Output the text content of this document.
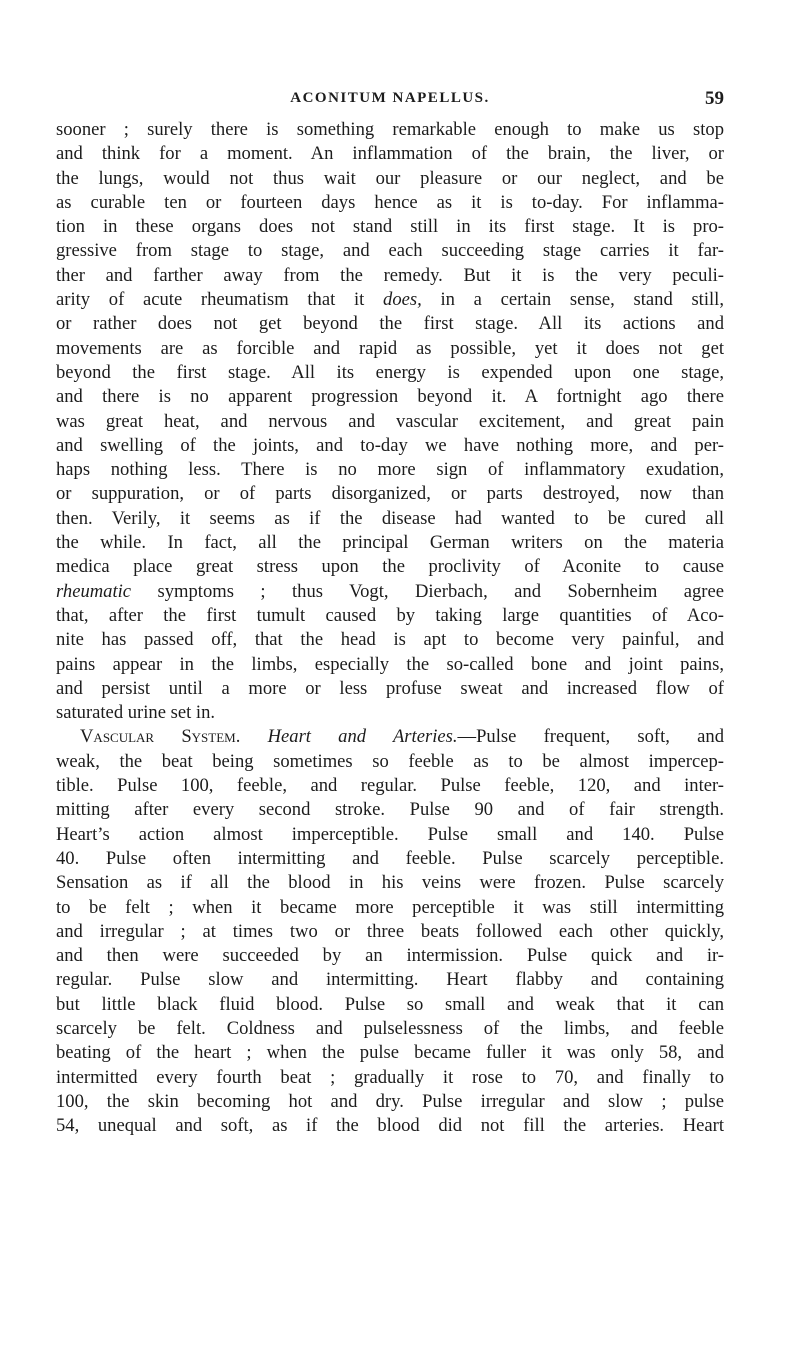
ACONITUM NAPELLUS.	59
sooner ; surely there is something remarkable enough to make us stop
and think for a moment. An inflammation of the brain, the liver, or
the lungs, would not thus wait our pleasure or our neglect, and be
as curable ten or fourteen days hence as it is to-day. For inflamma-
tion in these organs does not stand still in its first stage. It is pro-
gressive from stage to stage, and each succeeding stage carries it far-
ther and farther away from the remedy. But it is the very peculi-
arity of acute rheumatism that it does, in a certain sense, stand still,
or rather does not get beyond the first stage. All its actions and
movements are as forcible and rapid as possible, yet it does not get
beyond the first stage. All its energy is expended upon one stage,
and there is no apparent progression beyond it. A fortnight ago there
was great heat, and nervous and vascular excitement, and great pain
and swelling of the joints, and to-day we have nothing more, and per-
haps nothing less. There is no more sign of inflammatory exudation,
or suppuration, or of parts disorganized, or parts destroyed, now than
then. Verily, it seems as if the disease had wanted to be cured all
the while. In fact, all the principal German writers on the materia
medica place great stress upon the proclivity of Aconite to cause
rheumatic symptoms ; thus Vogt, Dierbach, and Sobernheim agree
that, after the first tumult caused by taking large quantities of Aco-
nite has passed off, that the head is apt to become very painful, and
pains appear in the limbs, especially the so-called bone and joint pains,
and persist until a more or less profuse sweat and increased flow of
saturated urine set in.
Vascular System. Heart and Arteries.—Pulse frequent, soft, and
weak, the beat being sometimes so feeble as to be almost impercep-
tible. Pulse 100, feeble, and regular. Pulse feeble, 120, and inter-
mitting after every second stroke. Pulse 90 and of fair strength.
Heart’s action almost imperceptible. Pulse small and 140. Pulse
40. Pulse often intermitting and feeble. Pulse scarcely perceptible.
Sensation as if all the blood in his veins were frozen. Pulse scarcely
to be felt ; when it became more perceptible it was still intermitting
and irregular ; at times two or three beats followed each other quickly,
and then were succeeded by an intermission. Pulse quick and ir-
regular. Pulse slow and intermitting. Heart flabby and containing
but little black fluid blood. Pulse so small and weak that it can
scarcely be felt. Coldness and pulselessness of the limbs, and feeble
beating of the heart ; when the pulse became fuller it was only 58, and
intermitted every fourth beat ; gradually it rose to 70, and finally to
100, the skin becoming hot and dry. Pulse irregular and slow ; pulse
54, unequal and soft, as if the blood did not fill the arteries. Heart
